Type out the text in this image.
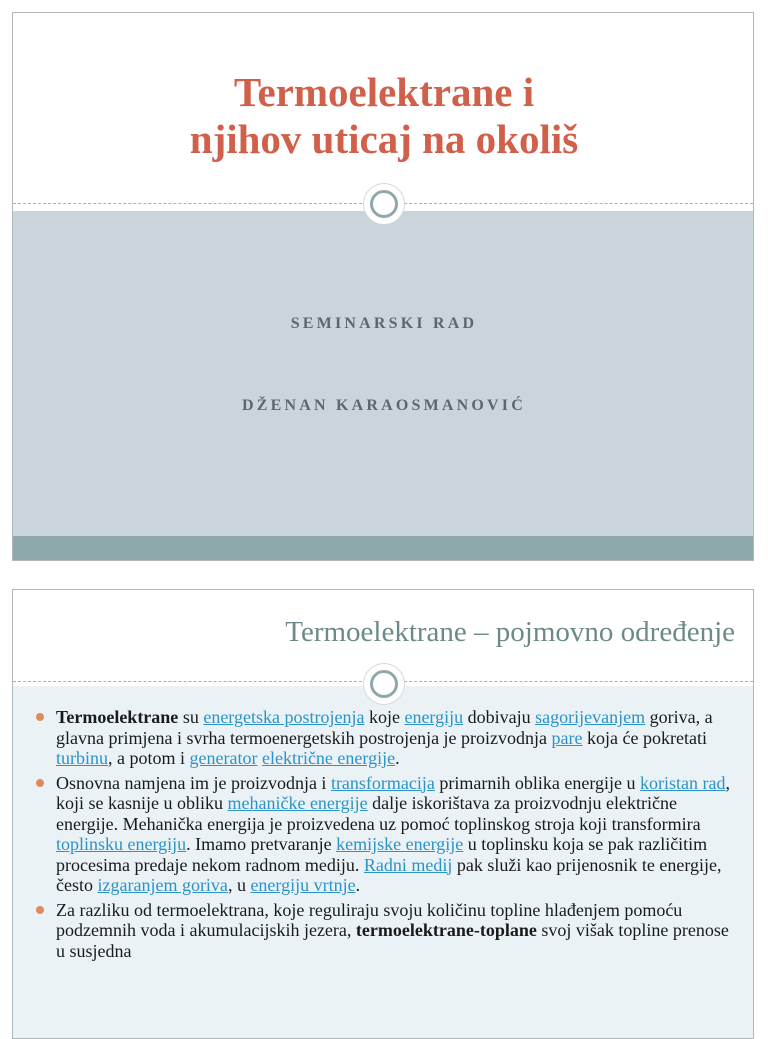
Termoelektrane i
njihov uticaj na okoliš
SEMINARSKI RAD
DŽENAN KARAOSMANOVIĆ
Termoelektrane – pojmovno određenje
Termoelektrane su energetska postrojenja koje energiju dobivaju sagorijevanjem goriva, a glavna primjena i svrha termoenergetskih postrojenja je proizvodnja pare koja će pokretati turbinu, a potom i generator električne energije.
Osnovna namjena im je proizvodnja i transformacija primarnih oblika energije u koristan rad, koji se kasnije u obliku mehaničke energije dalje iskorištava za proizvodnju električne energije. Mehanička energija je proizvedena uz pomoć toplinskog stroja koji transformira toplinsku energiju. Imamo pretvaranje kemijske energije u toplinsku koja se pak različitim procesima predaje nekom radnom mediju. Radni medij pak služi kao prijenosnik te energije, često izgaranjem goriva, u energiju vrtnje.
Za razliku od termoelektrana, koje reguliraju svoju količinu topline hlađenjem pomoću podzemnih voda i akumulacijskih jezera, termoelektrane-toplane svoj višak topline prenose u susjedna
